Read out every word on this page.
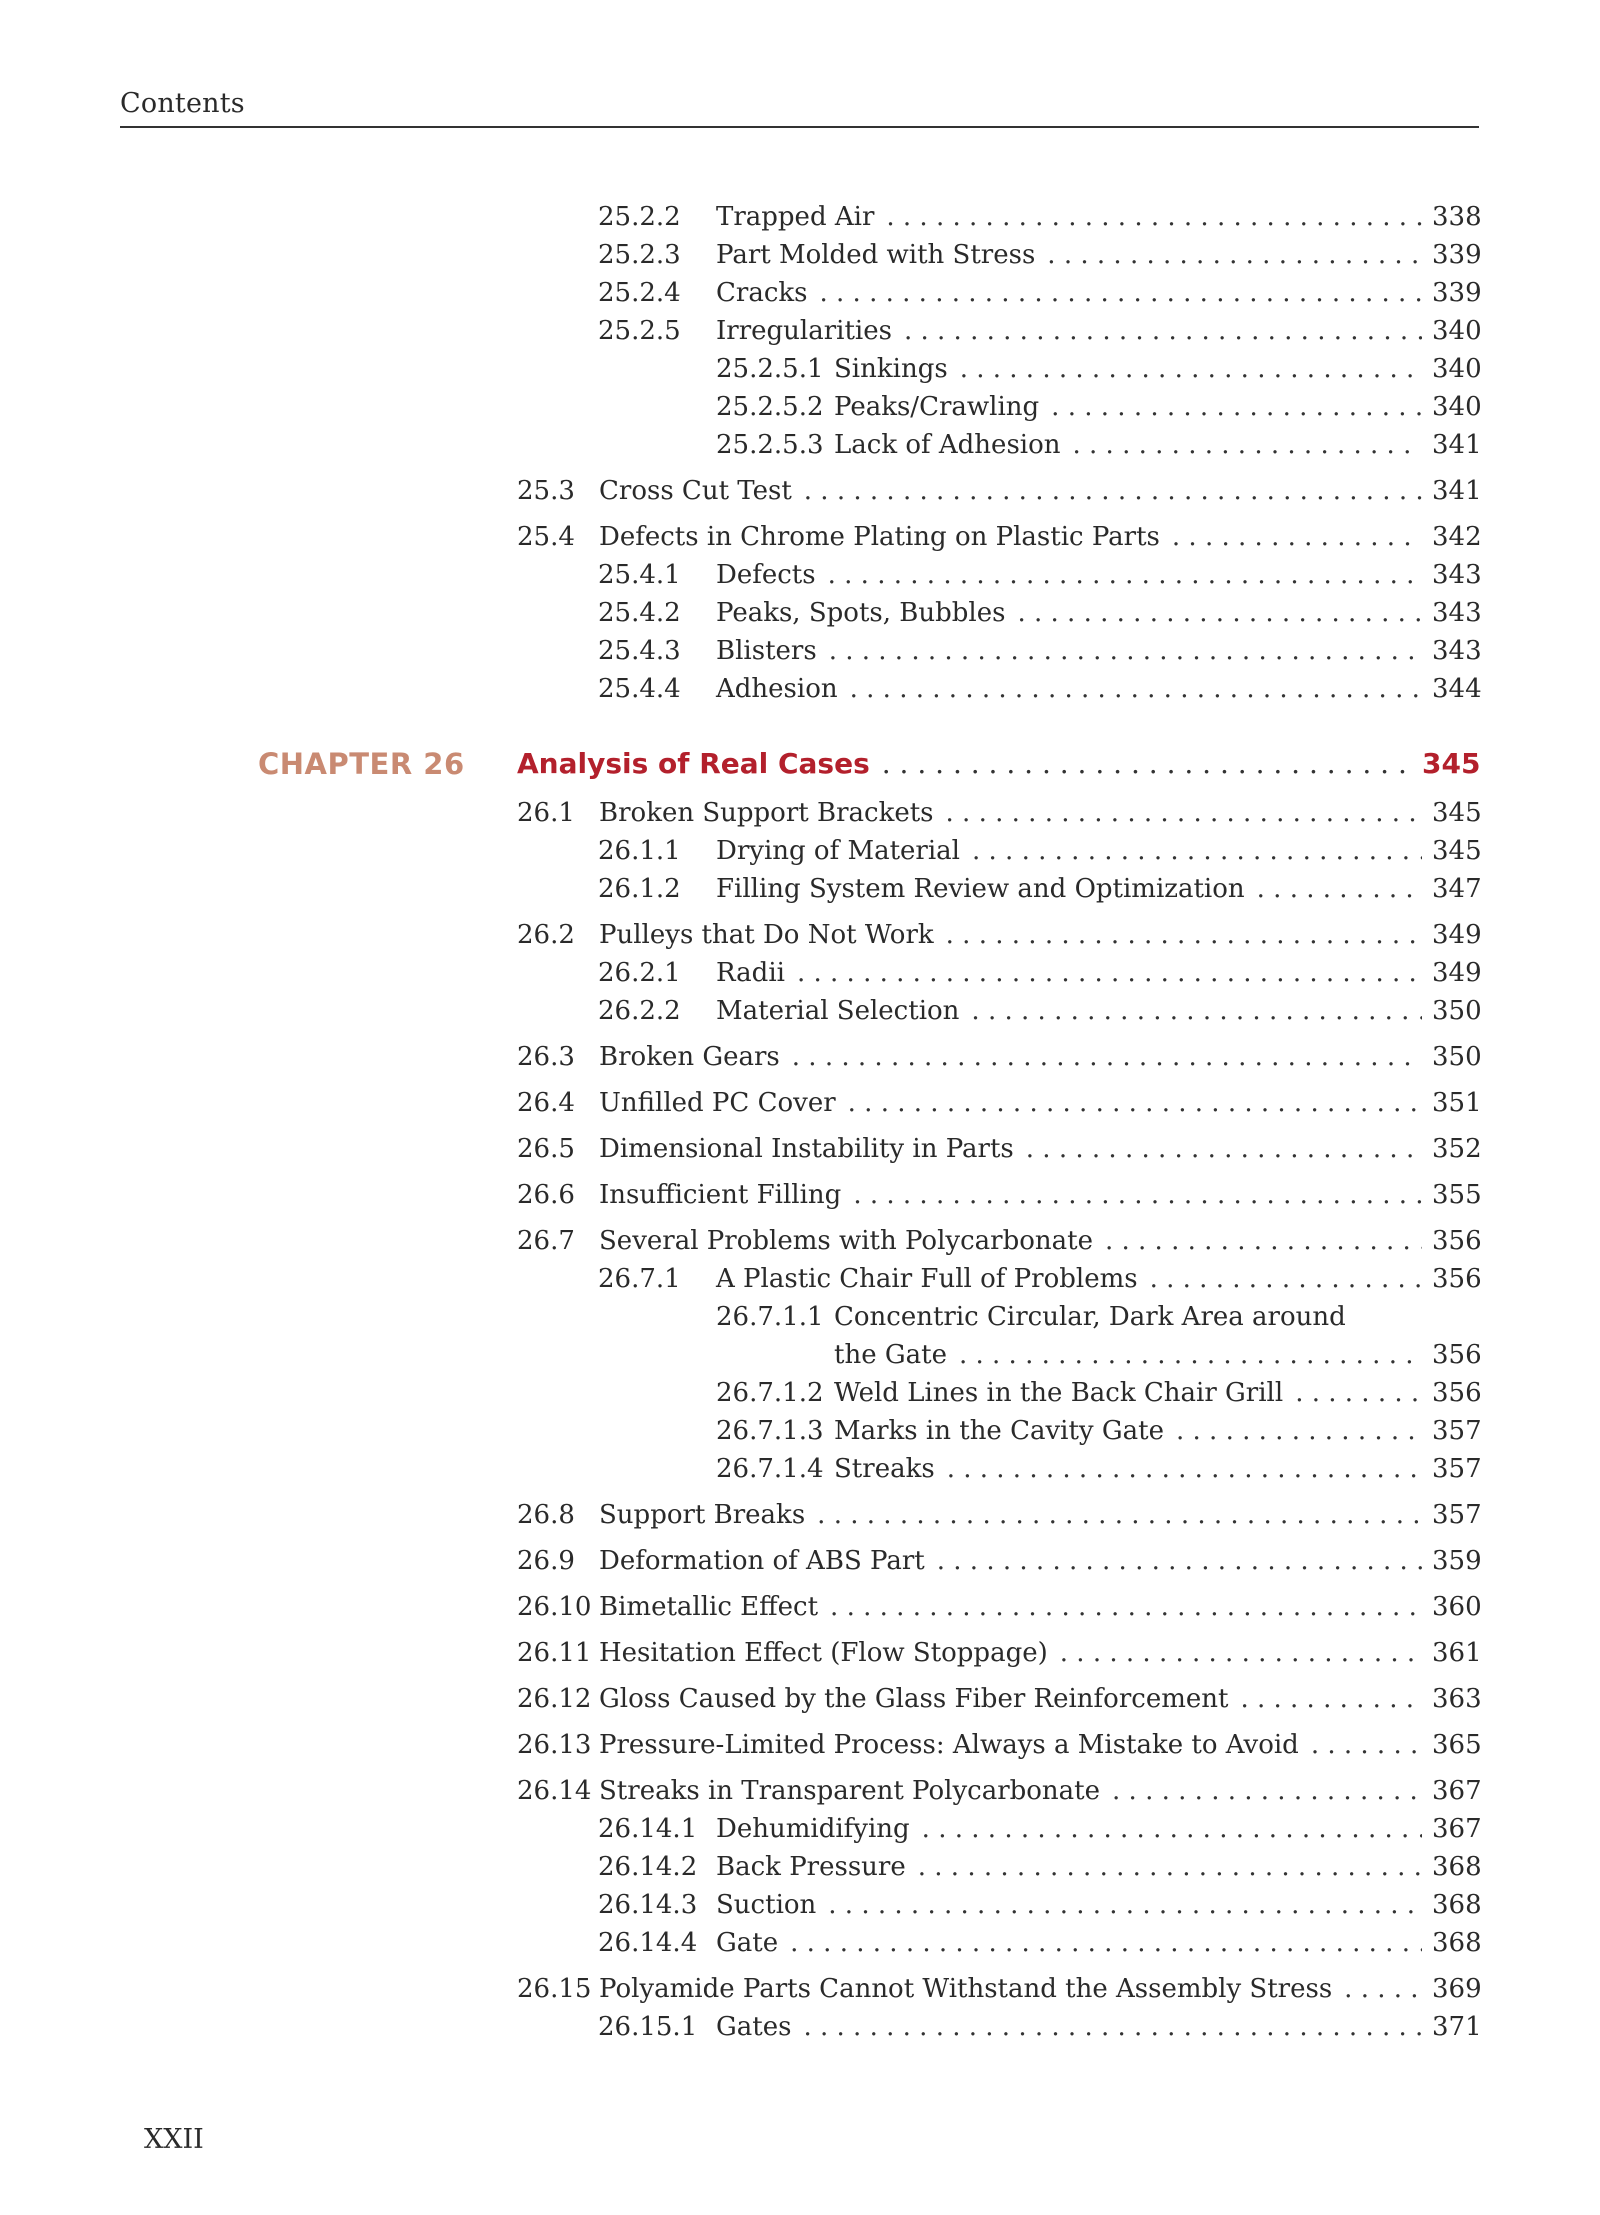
Contents
25.2.2	Trapped Air . . .	338
25.2.3	Part Molded with Stress . . .	339
25.2.4	Cracks . . .	339
25.2.5	Irregularities . . .	340
25.2.5.1 Sinkings . . .	340
25.2.5.2 Peaks/Crawling . . .	340
25.2.5.3 Lack of Adhesion . . .	341
25.3 Cross Cut Test . . .	341
25.4 Defects in Chrome Plating on Plastic Parts . . .	342
25.4.1	Defects . . .	343
25.4.2	Peaks, Spots, Bubbles . . .	343
25.4.3	Blisters . . .	343
25.4.4	Adhesion . . .	344
CHAPTER 26 Analysis of Real Cases . . .	345
26.1 Broken Support Brackets . . .	345
26.1.1	Drying of Material . . .	345
26.1.2	Filling System Review and Optimization . . .	347
26.2 Pulleys that Do Not Work . . .	349
26.2.1	Radii . . .	349
26.2.2	Material Selection . . .	350
26.3 Broken Gears . . .	350
26.4 Unfilled PC Cover . . .	351
26.5 Dimensional Instability in Parts . . .	352
26.6 Insufficient Filling . . .	355
26.7 Several Problems with Polycarbonate . . .	356
26.7.1	A Plastic Chair Full of Problems . . .	356
26.7.1.1 Concentric Circular, Dark Area around
the Gate . . .	356
26.7.1.2 Weld Lines in the Back Chair Grill . . .	356
26.7.1.3 Marks in the Cavity Gate . . .	357
26.7.1.4 Streaks . . .	357
26.8 Support Breaks . . .	357
26.9 Deformation of ABS Part . . .	359
26.10 Bimetallic Effect . . .	360
26.11 Hesitation Effect (Flow Stoppage) . . .	361
26.12 Gloss Caused by the Glass Fiber Reinforcement . . .	363
26.13 Pressure-Limited Process: Always a Mistake to Avoid . . .	365
26.14 Streaks in Transparent Polycarbonate . . .	367
26.14.1 Dehumidifying . . .	367
26.14.2 Back Pressure . . .	368
26.14.3 Suction . . .	368
26.14.4 Gate . . .	368
26.15 Polyamide Parts Cannot Withstand the Assembly Stress . . .	369
26.15.1 Gates . . .	371
XXII
